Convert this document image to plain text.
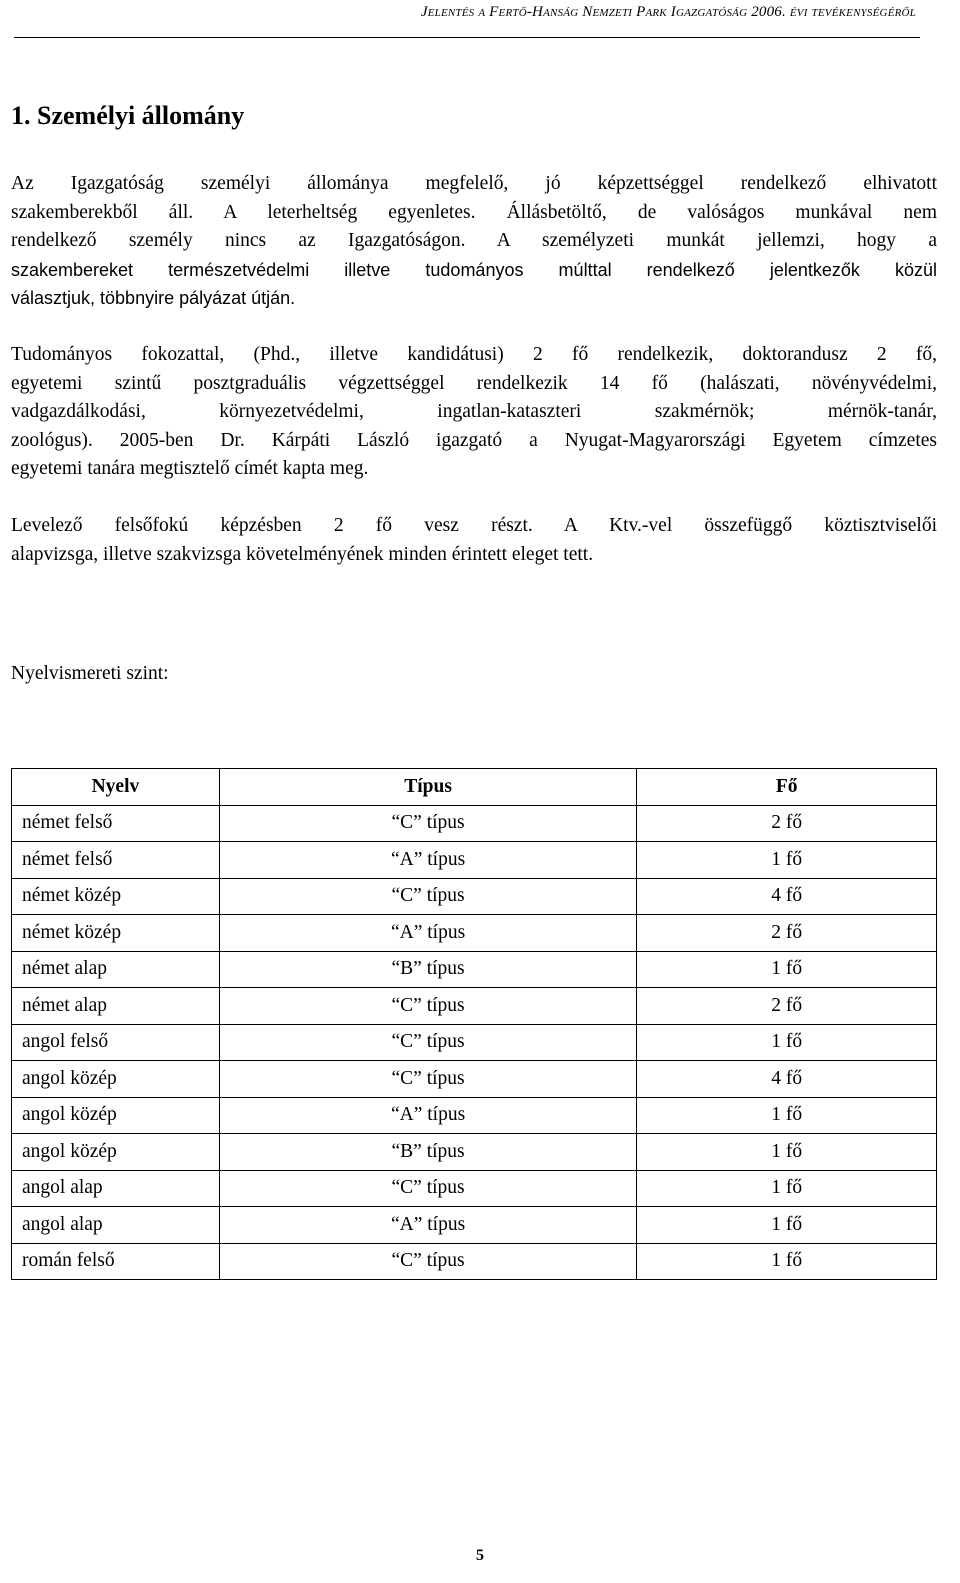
Jelentés a Fertő-Hanság Nemzeti Park Igazgatóság 2006. évi tevékenységéről
1. Személyi állomány
Az Igazgatóság személyi állománya megfelelő, jó képzettséggel rendelkező elhivatott
szakemberekből áll. A leterheltség egyenletes. Állásbetöltő, de valóságos munkával nem
rendelkező személy nincs az Igazgatóságon. A személyzeti munkát jellemzi, hogy a
szakembereket természetvédelmi illetve tudományos múlttal rendelkező jelentkezők közül
választjuk, többnyire pályázat útján.
Tudományos fokozattal, (Phd., illetve kandidátusi) 2 fő rendelkezik, doktorandusz 2 fő,
egyetemi szintű posztgraduális végzettséggel rendelkezik 14 fő (halászati, növényvédelmi,
vadgazdálkodási, környezetvédelmi, ingatlan-kataszteri szakmérnök; mérnök-tanár,
zoológus). 2005-ben Dr. Kárpáti László igazgató a Nyugat-Magyarországi Egyetem címzetes
egyetemi tanára megtisztelő címét kapta meg.
Levelező felsőfokú képzésben 2 fő vesz részt. A Ktv.-vel összefüggő köztisztviselői
alapvizsga, illetve szakvizsga követelményének minden érintett eleget tett.
Nyelvismereti szint:
Nyelv	Típus	Fő
német felső	“C” típus	2 fő
német felső	“A” típus	1 fő
német közép	“C” típus	4 fő
német közép	“A” típus	2 fő
német alap	“B” típus	1 fő
német alap	“C” típus	2 fő
angol felső	“C” típus	1 fő
angol közép	“C” típus	4 fő
angol közép	“A” típus	1 fő
angol közép	“B” típus	1 fő
angol alap	“C” típus	1 fő
angol alap	“A” típus	1 fő
román felső	“C” típus	1 fő
5
